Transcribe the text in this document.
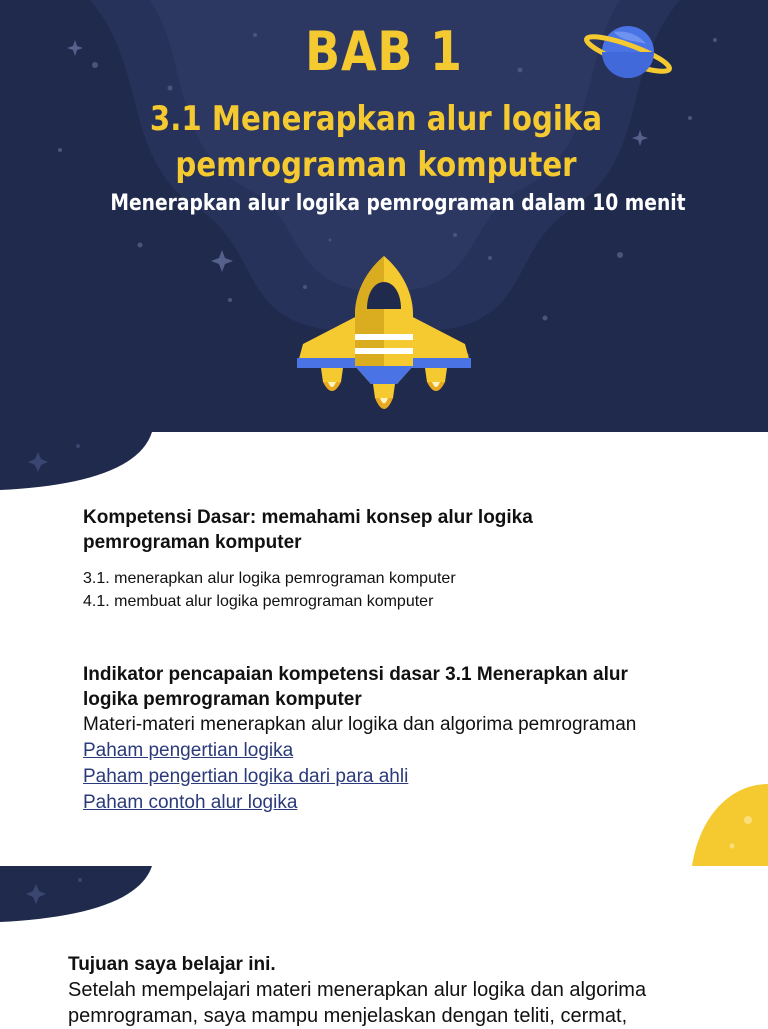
BAB 1
3.1 Menerapkan alur logika
pemrograman komputer
Menerapkan alur logika pemrograman dalam 10 menit

Kompetensi Dasar: memahami konsep alur logika
pemrograman komputer

3.1. menerapkan alur logika pemrograman komputer
4.1. membuat alur logika pemrograman komputer

Indikator pencapaian kompetensi dasar 3.1 Menerapkan alur
logika pemrograman komputer

Materi-materi menerapkan alur logika dan algorima pemrograman
Paham pengertian logika
Paham pengertian logika dari para ahli
Paham contoh alur logika

Tujuan saya belajar ini.

Setelah mempelajari materi menerapkan alur logika dan algorima
pemrograman, saya mampu menjelaskan dengan teliti, cermat,
